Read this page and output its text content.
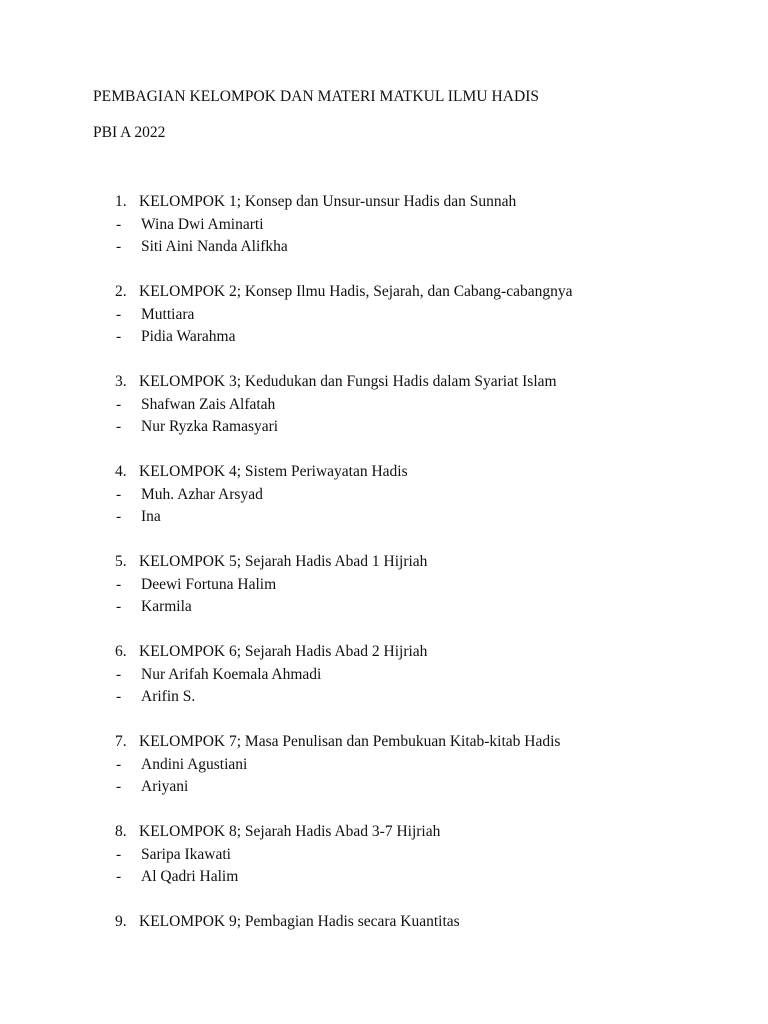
PEMBAGIAN KELOMPOK DAN MATERI MATKUL ILMU HADIS

PBI A 2022

1. KELOMPOK 1; Konsep dan Unsur-unsur Hadis dan Sunnah
- Wina Dwi Aminarti
- Siti Aini Nanda Alifkha
2. KELOMPOK 2; Konsep Ilmu Hadis, Sejarah, dan Cabang-cabangnya
- Muttiara
- Pidia Warahma
3. KELOMPOK 3; Kedudukan dan Fungsi Hadis dalam Syariat Islam
- Shafwan Zais Alfatah
- Nur Ryzka Ramasyari
4. KELOMPOK 4; Sistem Periwayatan Hadis
- Muh. Azhar Arsyad
- Ina
5. KELOMPOK 5; Sejarah Hadis Abad 1 Hijriah
- Deewi Fortuna Halim
- Karmila
6. KELOMPOK 6; Sejarah Hadis Abad 2 Hijriah
- Nur Arifah Koemala Ahmadi
- Arifin S.
7. KELOMPOK 7; Masa Penulisan dan Pembukuan Kitab-kitab Hadis
- Andini Agustiani
- Ariyani
8. KELOMPOK 8; Sejarah Hadis Abad 3-7 Hijriah
- Saripa Ikawati
- Al Qadri Halim
9. KELOMPOK 9; Pembagian Hadis secara Kuantitas
